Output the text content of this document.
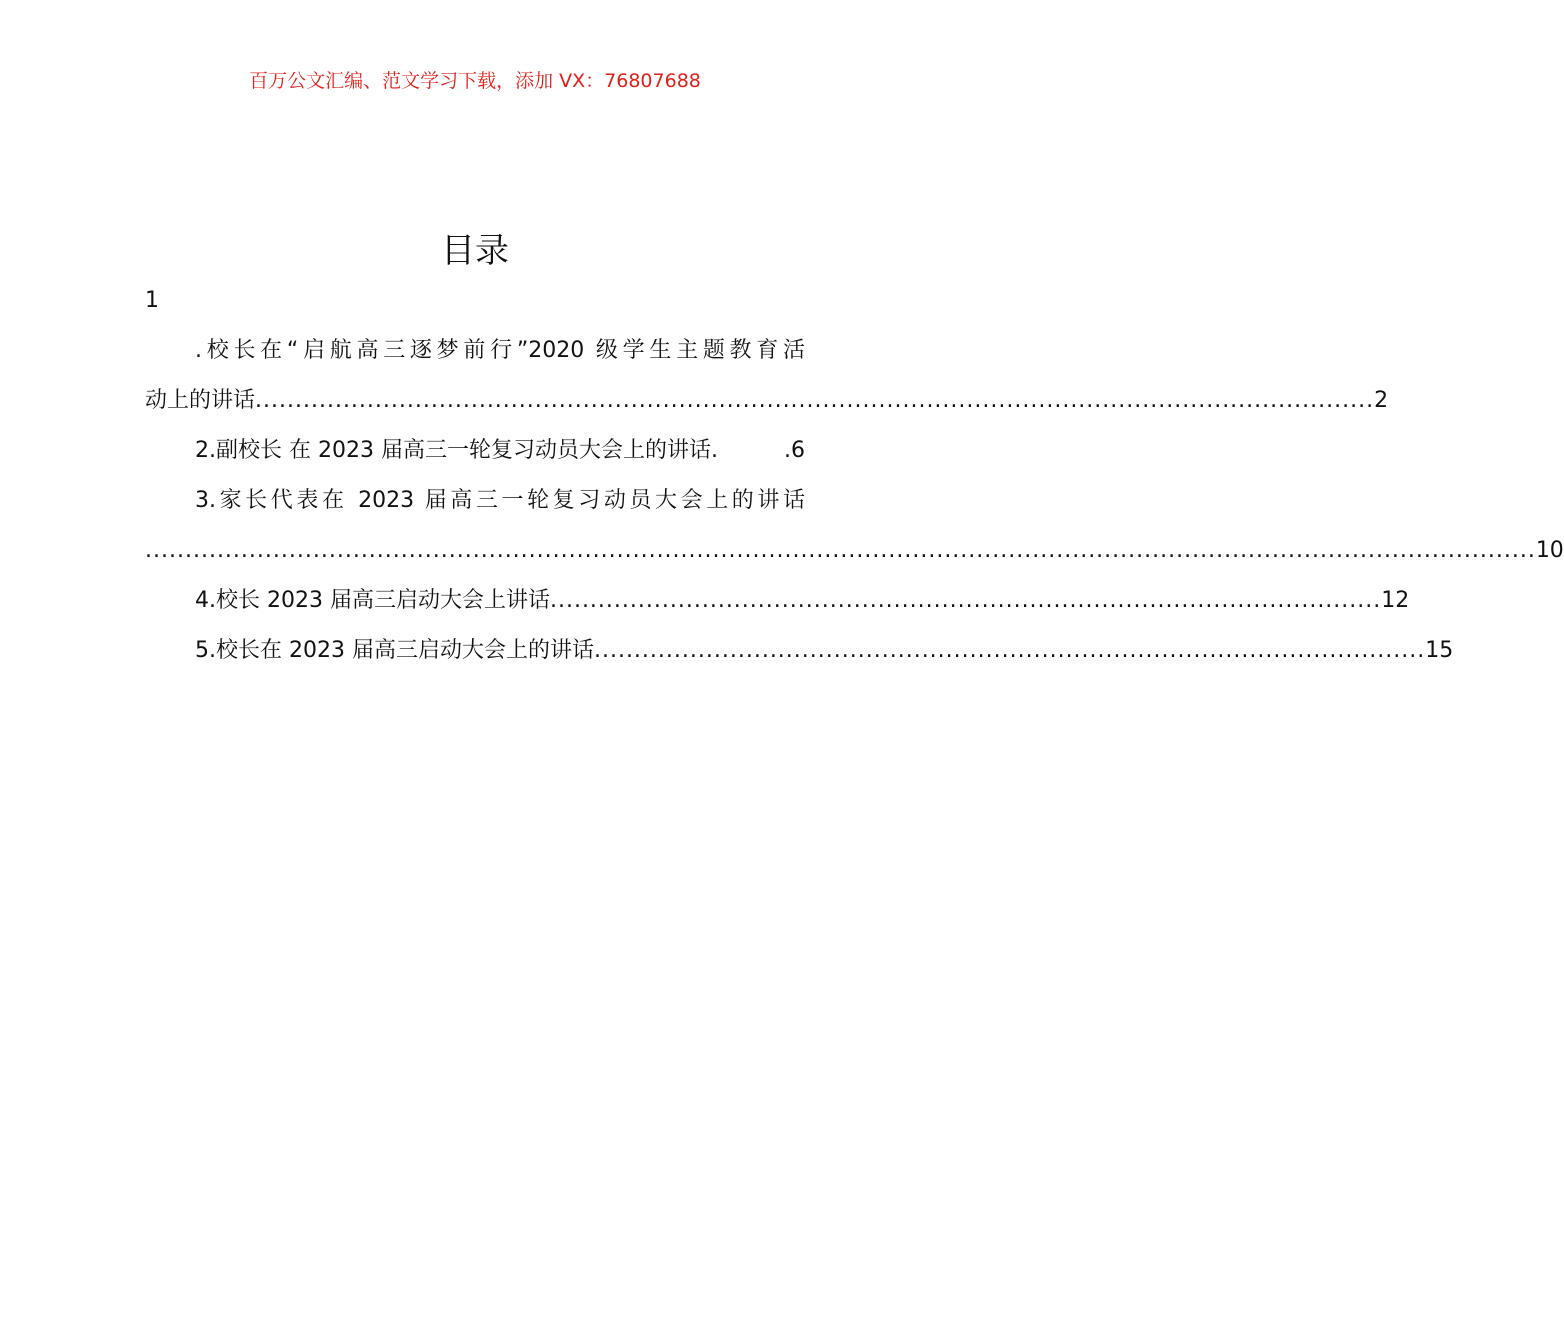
百万公文汇编、范文学习下载，添加 VX：76807688
目录
1
.校长在“启航高三逐梦前行”2020 级学生主题教育活
动上的讲话 ............................................................................................................................................ 2
2.副校长 在 2023 届高三一轮复习动员大会上的讲话.	.6
3.家长代表在 2023 届高三一轮复习动员大会上的讲话
.............................................................................................................................................................................. 10
4.校长 2023 届高三启动大会上讲话 ........................................................................................................ 12
5.校长在 2023 届高三启动大会上的讲话 ........................................................................................................ 15
